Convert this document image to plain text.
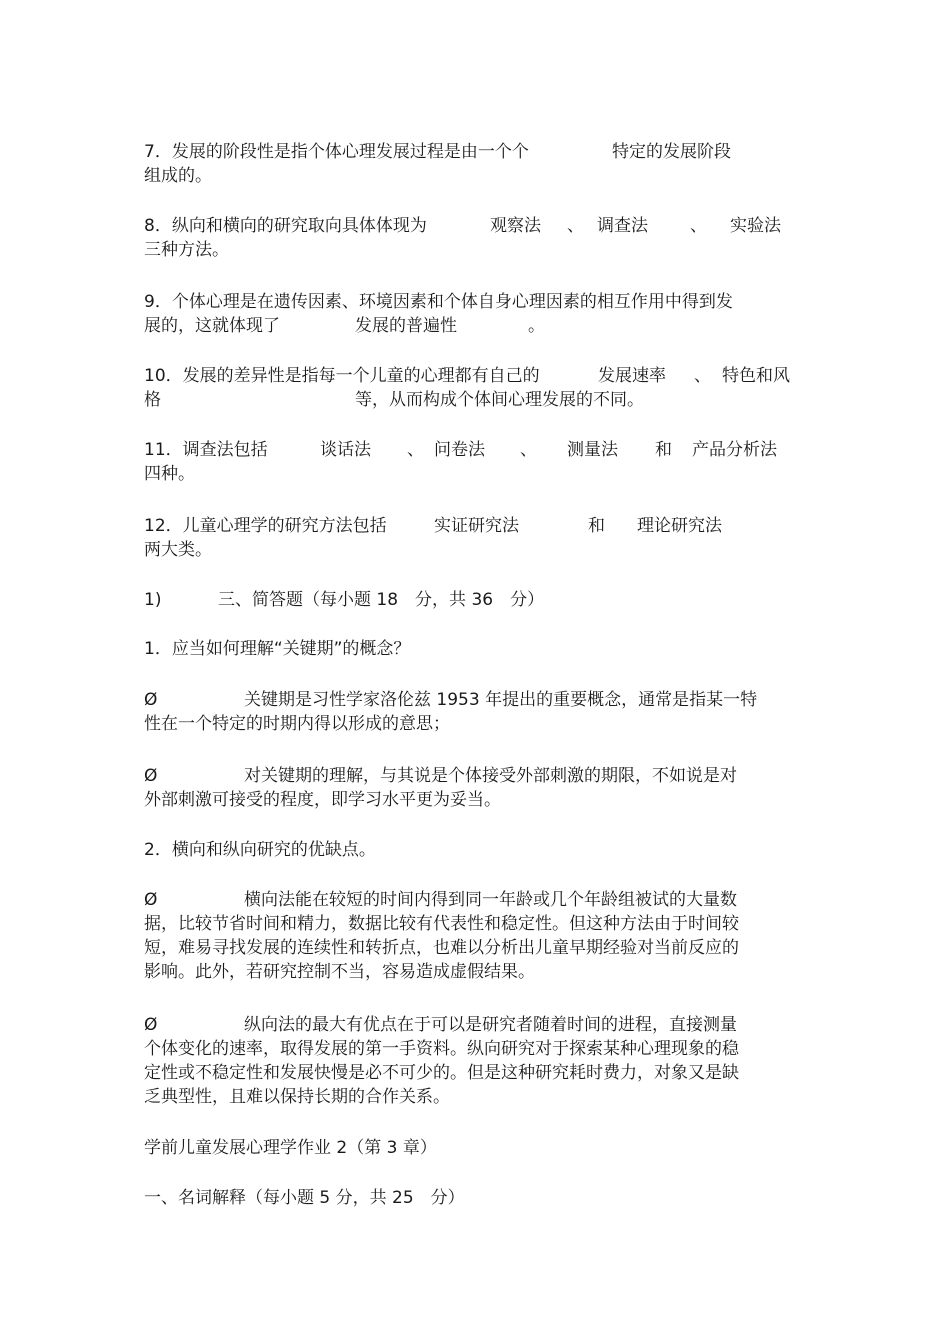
7．发展的阶段性是指个体心理发展过程是由一个个	特定的发展阶段
组成的。
8．纵向和横向的研究取向具体体现为	观察法 、 调查法 、 实验法
三种方法。
9．个体心理是在遗传因素、环境因素和个体自身心理因素的相互作用中得到发
展的，这就体现了	发展的普遍性	。
10．发展的差异性是指每一个儿童的心理都有自己的	发展速率 、 特色和风
格	等，从而构成个体间心理发展的不同。
11．调查法包括	谈话法 、 问卷法 、 测量法 和 产品分析法
四种。
12．儿童心理学的研究方法包括	实证研究法	和 理论研究法
两大类。
1)	三、简答题（每小题 18　分，共 36　分）
1．应当如何理解“关键期”的概念？
Ø	关键期是习性学家洛伦兹 1953 年提出的重要概念，通常是指某一特
性在一个特定的时期内得以形成的意思；
Ø	对关键期的理解，与其说是个体接受外部刺激的期限，不如说是对
外部刺激可接受的程度，即学习水平更为妥当。
2．横向和纵向研究的优缺点。
Ø	横向法能在较短的时间内得到同一年龄或几个年龄组被试的大量数
据，比较节省时间和精力，数据比较有代表性和稳定性。但这种方法由于时间较
短，难易寻找发展的连续性和转折点，也难以分析出儿童早期经验对当前反应的
影响。此外，若研究控制不当，容易造成虚假结果。
Ø	纵向法的最大有优点在于可以是研究者随着时间的进程，直接测量
个体变化的速率，取得发展的第一手资料。纵向研究对于探索某种心理现象的稳
定性或不稳定性和发展快慢是必不可少的。但是这种研究耗时费力，对象又是缺
乏典型性，且难以保持长期的合作关系。
学前儿童发展心理学作业 2（第 3 章）
一、名词解释（每小题 5 分，共 25　分）
